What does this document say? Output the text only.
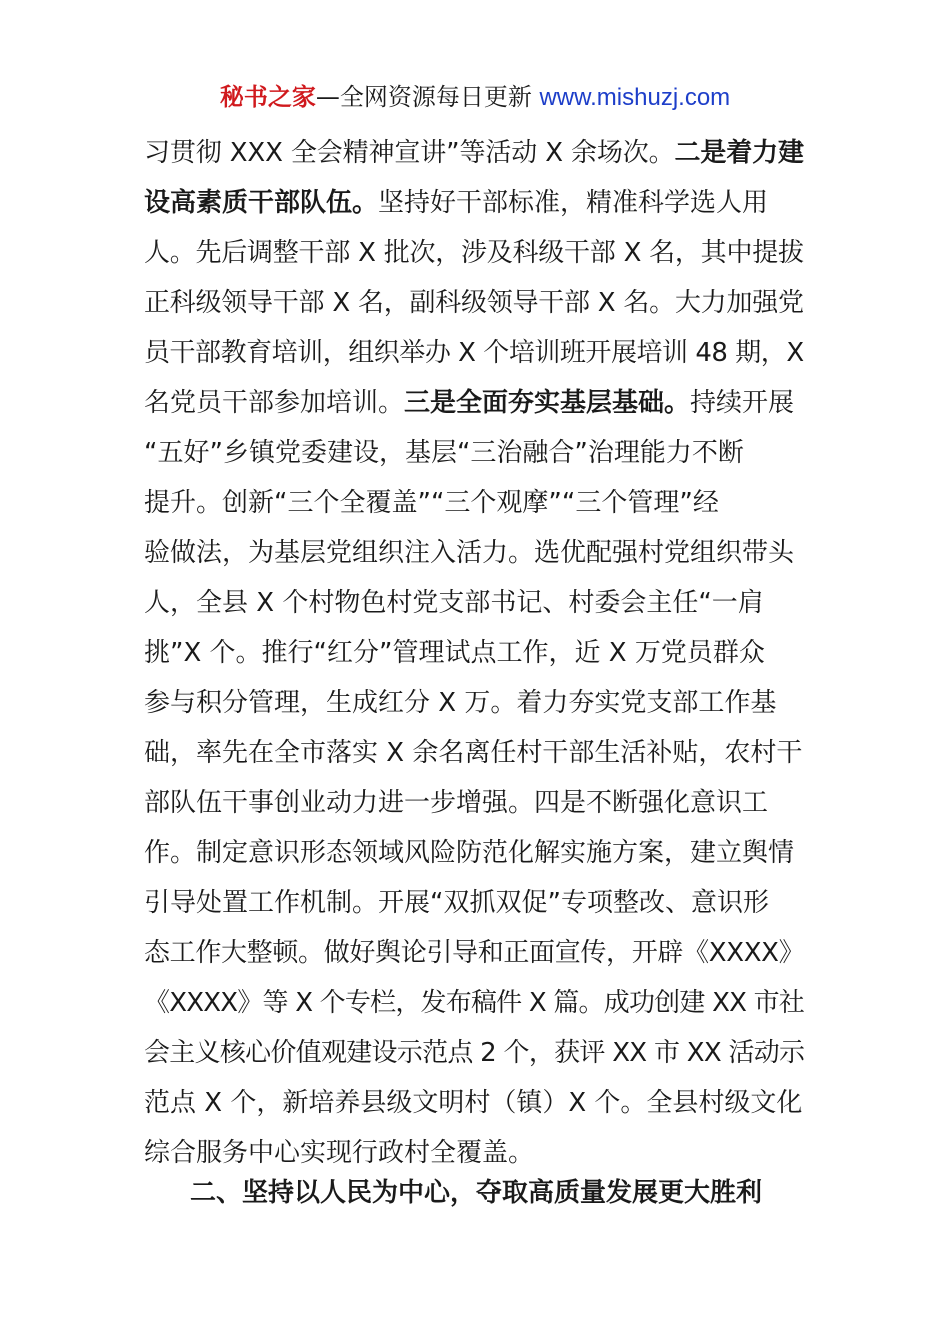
秘书之家—全网资源每日更新 www.mishuzj.com
习贯彻 XXX 全会精神宣讲”等活动 X 余场次。二是着力建
设高素质干部队伍。坚持好干部标准，精准科学选人用
人。先后调整干部 X 批次，涉及科级干部 X 名，其中提拔
正科级领导干部 X 名，副科级领导干部 X 名。大力加强党
员干部教育培训，组织举办 X 个培训班开展培训 48 期，X
名党员干部参加培训。三是全面夯实基层基础。持续开展
“五好”乡镇党委建设，基层“三治融合”治理能力不断
提升。创新“三个全覆盖”“三个观摩”“三个管理”经
验做法，为基层党组织注入活力。选优配强村党组织带头
人，全县 X 个村物色村党支部书记、村委会主任“一肩
挑”X 个。推行“红分”管理试点工作，近 X 万党员群众
参与积分管理，生成红分 X 万。着力夯实党支部工作基
础，率先在全市落实 X 余名离任村干部生活补贴，农村干
部队伍干事创业动力进一步增强。四是不断强化意识工
作。制定意识形态领域风险防范化解实施方案，建立舆情
引导处置工作机制。开展“双抓双促”专项整改、意识形
态工作大整顿。做好舆论引导和正面宣传，开辟《XXXX》
《XXXX》等 X 个专栏，发布稿件 X 篇。成功创建 XX 市社
会主义核心价值观建设示范点 2 个，获评 XX 市 XX 活动示
范点 X 个，新培养县级文明村（镇）X 个。全县村级文化
综合服务中心实现行政村全覆盖。
二、坚持以人民为中心，夺取高质量发展更大胜利
